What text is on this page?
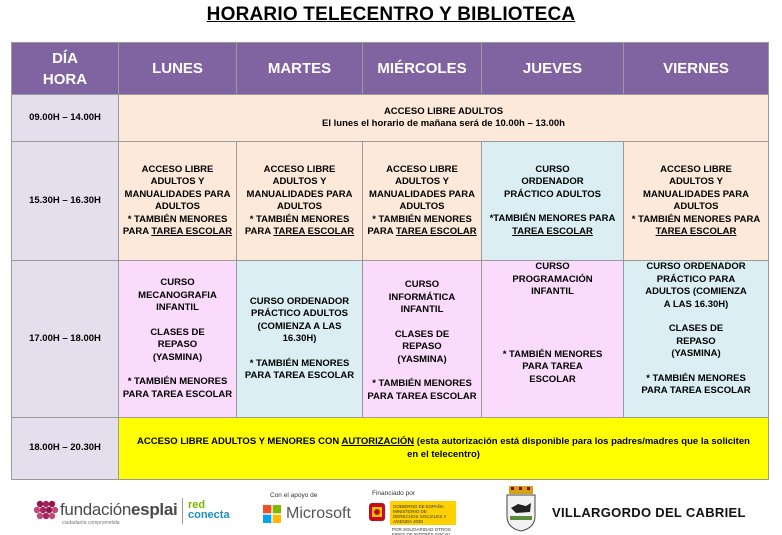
HORARIO TELECENTRO Y BIBLIOTECA
DÍA
HORA	LUNES	MARTES	MIÉRCOLES	JUEVES	VIERNES
09.00H – 14.00H	ACCESO LIBRE ADULTOS
El lunes el horario de mañana será de 10.00h – 13.00h				

15.30H – 16.30H	ACCESO LIBRE ADULTOS Y MANUALIDADES PARA ADULTOS
* TAMBIÉN MENORES
PARA TAREA ESCOLAR	ACCESO LIBRE ADULTOS Y MANUALIDADES PARA ADULTOS
* TAMBIÉN MENORES
PARA TAREA ESCOLAR	ACCESO LIBRE ADULTOS Y MANUALIDADES PARA ADULTOS
* TAMBIÉN MENORES
PARA TAREA ESCOLAR	CURSO ORDENADOR PRÁCTICO ADULTOS
*TAMBIÉN MENORES PARA
TAREA ESCOLAR	ACCESO LIBRE ADULTOS Y MANUALIDADES PARA ADULTOS
* TAMBIÉN MENORES PARA
TAREA ESCOLAR

17.00H – 18.00H	CURSO MECANOGRAFIA INFANTIL
CLASES DE REPASO (YASMINA)
* TAMBIÉN MENORES PARA TAREA ESCOLAR	CURSO ORDENADOR PRÁCTICO ADULTOS (COMIENZA A LAS 16.30H)
* TAMBIÉN MENORES PARA TAREA ESCOLAR	CURSO INFORMÁTICA INFANTIL
CLASES DE REPASO (YASMINA)
* TAMBIÉN MENORES PARA TAREA ESCOLAR	CURSO PROGRAMACIÓN INFANTIL
* TAMBIÉN MENORES PARA TAREA ESCOLAR	CURSO ORDENADOR PRÁCTICO PARA ADULTOS (COMIENZA A LAS 16.30H)
CLASES DE REPASO (YASMINA)
* TAMBIÉN MENORES PARA TAREA ESCOLAR

18.00H – 20.30H	ACCESO LIBRE ADULTOS Y MENORES CON AUTORIZACIÓN (esta autorización está disponible para los padres/madres que la soliciten en el telecentro)				
fundaciónesplai
ciudadanía comprometida
red
conecta
Con el apoyo de
Microsoft
Financiado por
GOBIERNO DE ESPAÑA
MINISTERIO DE DERECHOS SOCIALES Y AGENDA 2030
POR SOLIDARIDAD OTROS FINES DE INTERÉS SOCIAL
VILLARGORDO DEL CABRIEL
